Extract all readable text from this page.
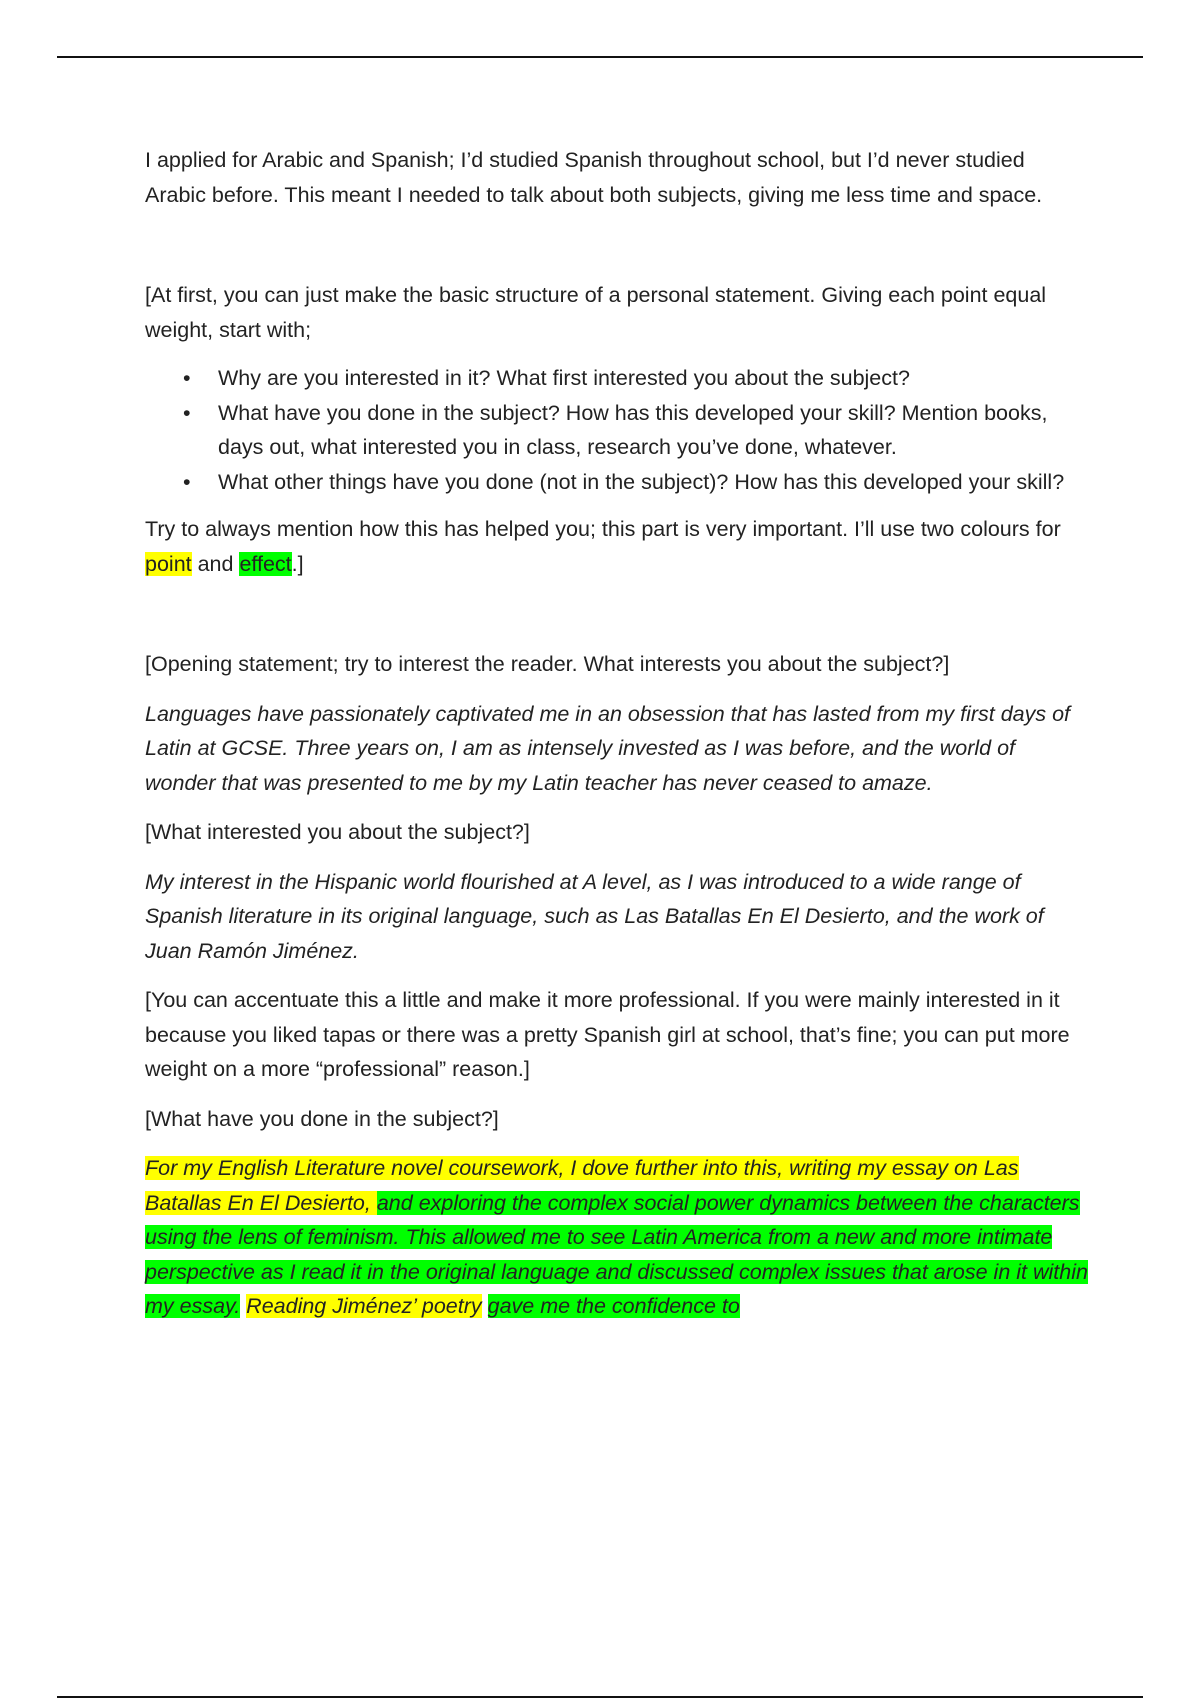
I applied for Arabic and Spanish; I’d studied Spanish throughout school, but I’d never studied Arabic before. This meant I needed to talk about both subjects, giving me less time and space.

[At first, you can just make the basic structure of a personal statement. Giving each point equal weight, start with;

• Why are you interested in it? What first interested you about the subject?
• What have you done in the subject? How has this developed your skill? Mention books, days out, what interested you in class, research you’ve done, whatever.
• What other things have you done (not in the subject)? How has this developed your skill?

Try to always mention how this has helped you; this part is very important. I’ll use two colours for point and effect.]

[Opening statement; try to interest the reader. What interests you about the subject?]

Languages have passionately captivated me in an obsession that has lasted from my first days of Latin at GCSE. Three years on, I am as intensely invested as I was before, and the world of wonder that was presented to me by my Latin teacher has never ceased to amaze.

[What interested you about the subject?]

My interest in the Hispanic world flourished at A level, as I was introduced to a wide range of Spanish literature in its original language, such as Las Batallas En El Desierto, and the work of Juan Ramón Jiménez.

[You can accentuate this a little and make it more professional. If you were mainly interested in it because you liked tapas or there was a pretty Spanish girl at school, that’s fine; you can put more weight on a more “professional” reason.]

[What have you done in the subject?]

For my English Literature novel coursework, I dove further into this, writing my essay on Las Batallas En El Desierto, and exploring the complex social power dynamics between the characters using the lens of feminism. This allowed me to see Latin America from a new and more intimate perspective as I read it in the original language and discussed complex issues that arose in it within my essay. Reading Jiménez’ poetry gave me the confidence to
